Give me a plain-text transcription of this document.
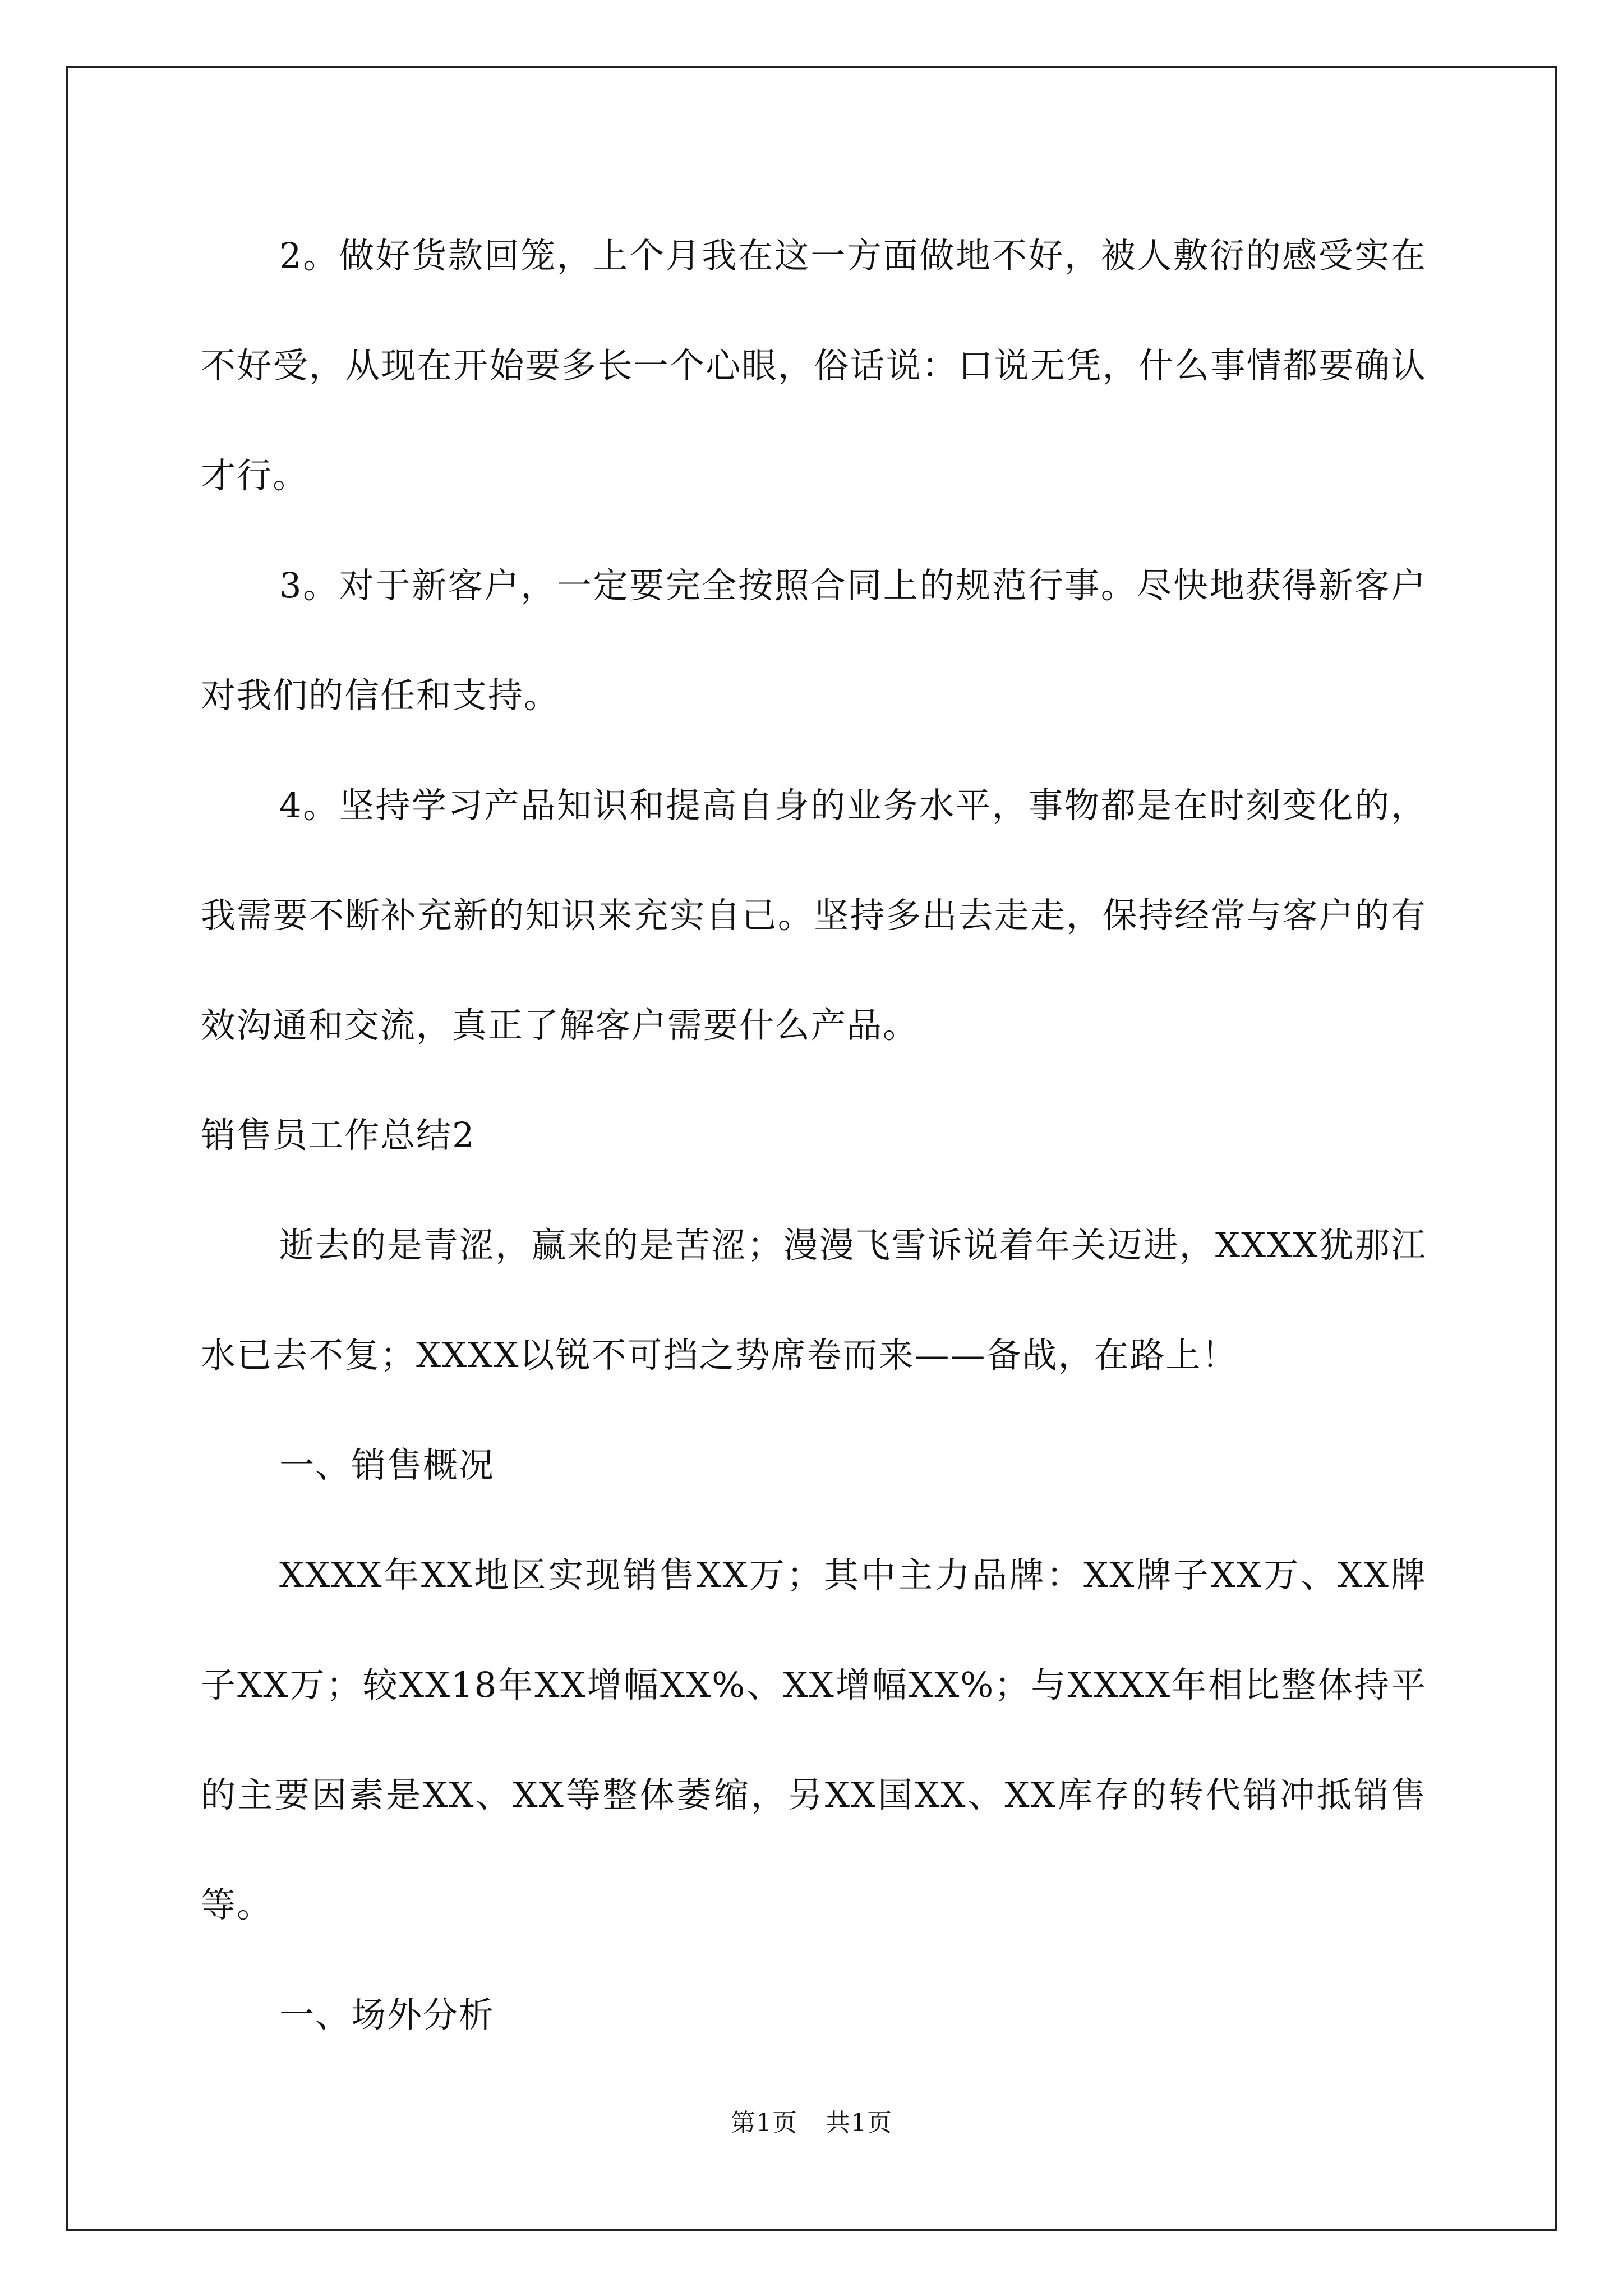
2。做好货款回笼，上个月我在这一方面做地不好，被人敷衍的感受实在不好受，从现在开始要多长一个心眼，俗话说：口说无凭，什么事情都要确认才行。

3。对于新客户，一定要完全按照合同上的规范行事。尽快地获得新客户对我们的信任和支持。

4。坚持学习产品知识和提高自身的业务水平，事物都是在时刻变化的，我需要不断补充新的知识来充实自己。坚持多出去走走，保持经常与客户的有效沟通和交流，真正了解客户需要什么产品。

销售员工作总结2

逝去的是青涩，赢来的是苦涩；漫漫飞雪诉说着年关迈进，XXXX犹那江水已去不复；XXXX以锐不可挡之势席卷而来——备战，在路上！

一、销售概况

XXXX年XX地区实现销售XX万；其中主力品牌：XX牌子XX万、XX牌子XX万；较XX18年XX增幅XX%、XX增幅XX%；与XXXX年相比整体持平的主要因素是XX、XX等整体萎缩，另XX国XX、XX库存的转代销冲抵销售等。

一、场外分析

第1页 共1页
